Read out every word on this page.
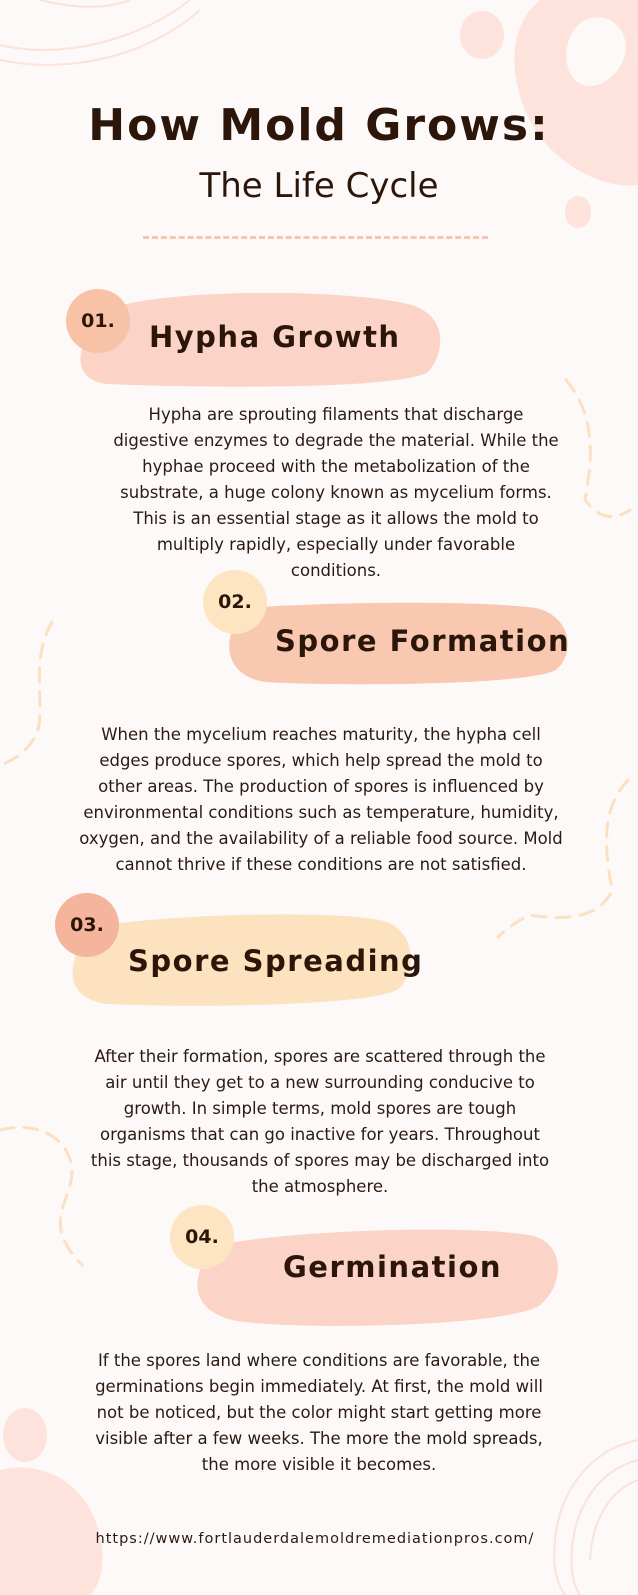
How Mold Grows:
The Life Cycle
01. Hypha Growth

Hypha are sprouting filaments that discharge digestive enzymes to degrade the material. While the hyphae proceed with the metabolization of the substrate, a huge colony known as mycelium forms. This is an essential stage as it allows the mold to multiply rapidly, especially under favorable conditions.

02.
Spore Formation

When the mycelium reaches maturity, the hypha cell edges produce spores, which help spread the mold to other areas. The production of spores is influenced by environmental conditions such as temperature, humidity, oxygen, and the availability of a reliable food source. Mold cannot thrive if these conditions are not satisfied.

03.
Spore Spreading

After their formation, spores are scattered through the air until they get to a new surrounding conducive to growth. In simple terms, mold spores are tough organisms that can go inactive for years. Throughout this stage, thousands of spores may be discharged into the atmosphere.

04.
Germination

If the spores land where conditions are favorable, the germinations begin immediately. At first, the mold will not be noticed, but the color might start getting more visible after a few weeks. The more the mold spreads, the more visible it becomes.

https://www.fortlauderdalemoldremediationpros.com/
